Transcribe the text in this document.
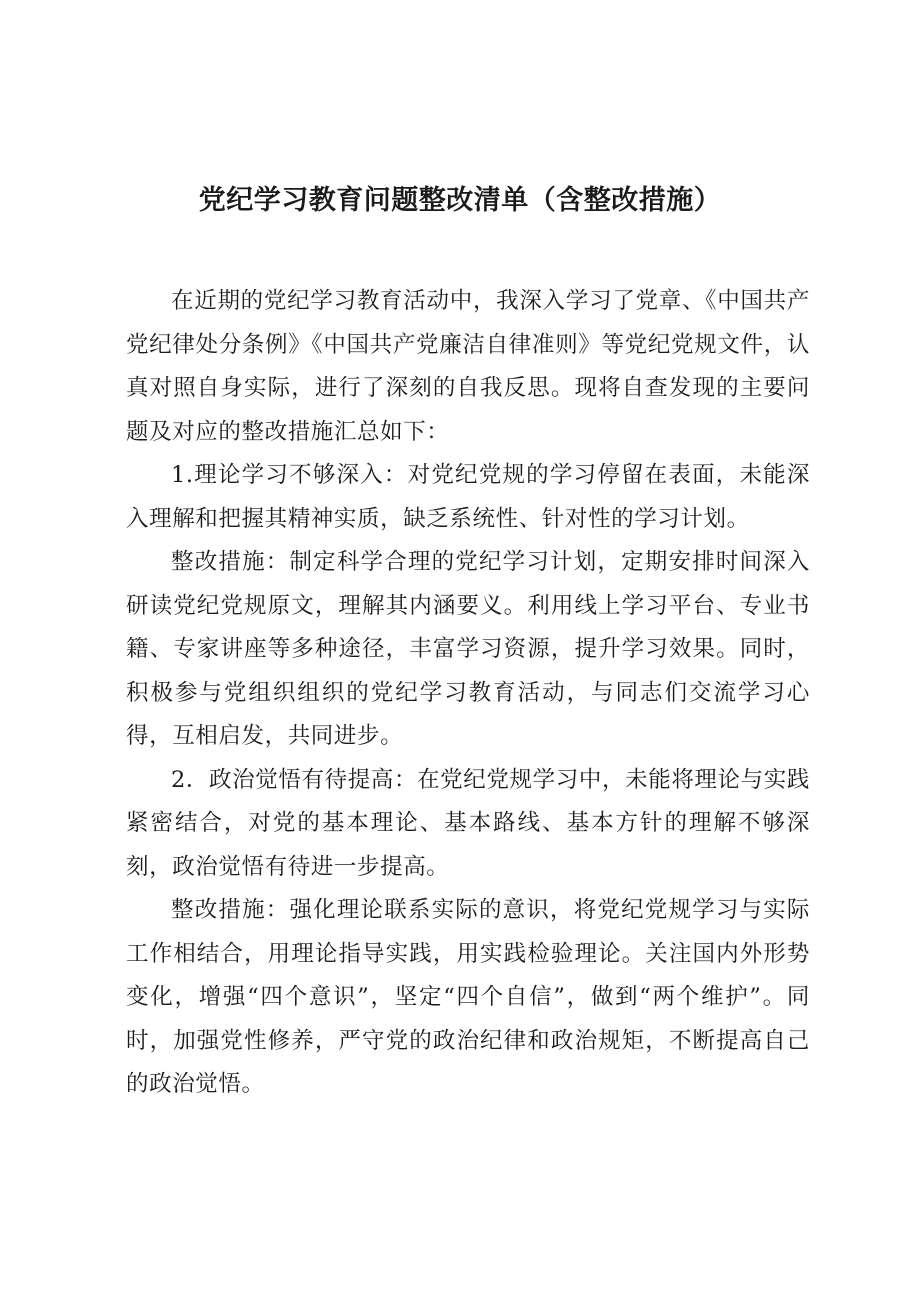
党纪学习教育问题整改清单（含整改措施）

在近期的党纪学习教育活动中，我深入学习了党章、《中国共产党纪律处分条例》《中国共产党廉洁自律准则》等党纪党规文件，认真对照自身实际，进行了深刻的自我反思。现将自查发现的主要问题及对应的整改措施汇总如下：

1.理论学习不够深入：对党纪党规的学习停留在表面，未能深入理解和把握其精神实质，缺乏系统性、针对性的学习计划。

整改措施：制定科学合理的党纪学习计划，定期安排时间深入研读党纪党规原文，理解其内涵要义。利用线上学习平台、专业书籍、专家讲座等多种途径，丰富学习资源，提升学习效果。同时，积极参与党组织组织的党纪学习教育活动，与同志们交流学习心得，互相启发，共同进步。

2．政治觉悟有待提高：在党纪党规学习中，未能将理论与实践紧密结合，对党的基本理论、基本路线、基本方针的理解不够深刻，政治觉悟有待进一步提高。

整改措施：强化理论联系实际的意识，将党纪党规学习与实际工作相结合，用理论指导实践，用实践检验理论。关注国内外形势变化，增强“四个意识”，坚定“四个自信”，做到“两个维护”。同时，加强党性修养，严守党的政治纪律和政治规矩，不断提高自己的政治觉悟。
